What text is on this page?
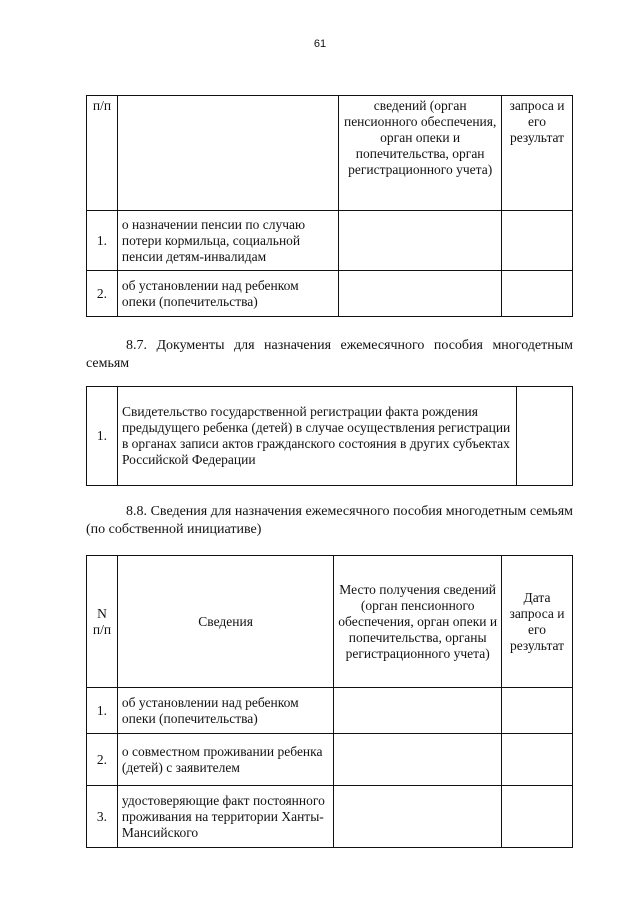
61
п/п		сведений (орган пенсионного обеспечения, орган опеки и попечительства, орган регистрационного учета)	запроса и его результат
1.	о назначении пенсии по случаю потери кормильца, социальной пенсии детям-инвалидам		
2.	об установлении над ребенком опеки (попечительства)		
8.7. Документы для назначения ежемесячного пособия многодетным семьям
1.	Свидетельство государственной регистрации факта рождения предыдущего ребенка (детей) в случае осуществления регистрации в органах записи актов гражданского состояния в других субъектах Российской Федерации	
8.8. Сведения для назначения ежемесячного пособия многодетным семьям (по собственной инициативе)
N п/п	Сведения	Место получения сведений (орган пенсионного обеспечения, орган опеки и попечительства, органы регистрационного учета)	Дата запроса и его результат
1.	об установлении над ребенком опеки (попечительства)		
2.	о совместном проживании ребенка (детей) с заявителем		
3.	удостоверяющие факт постоянного проживания на территории Ханты-Мансийского		
